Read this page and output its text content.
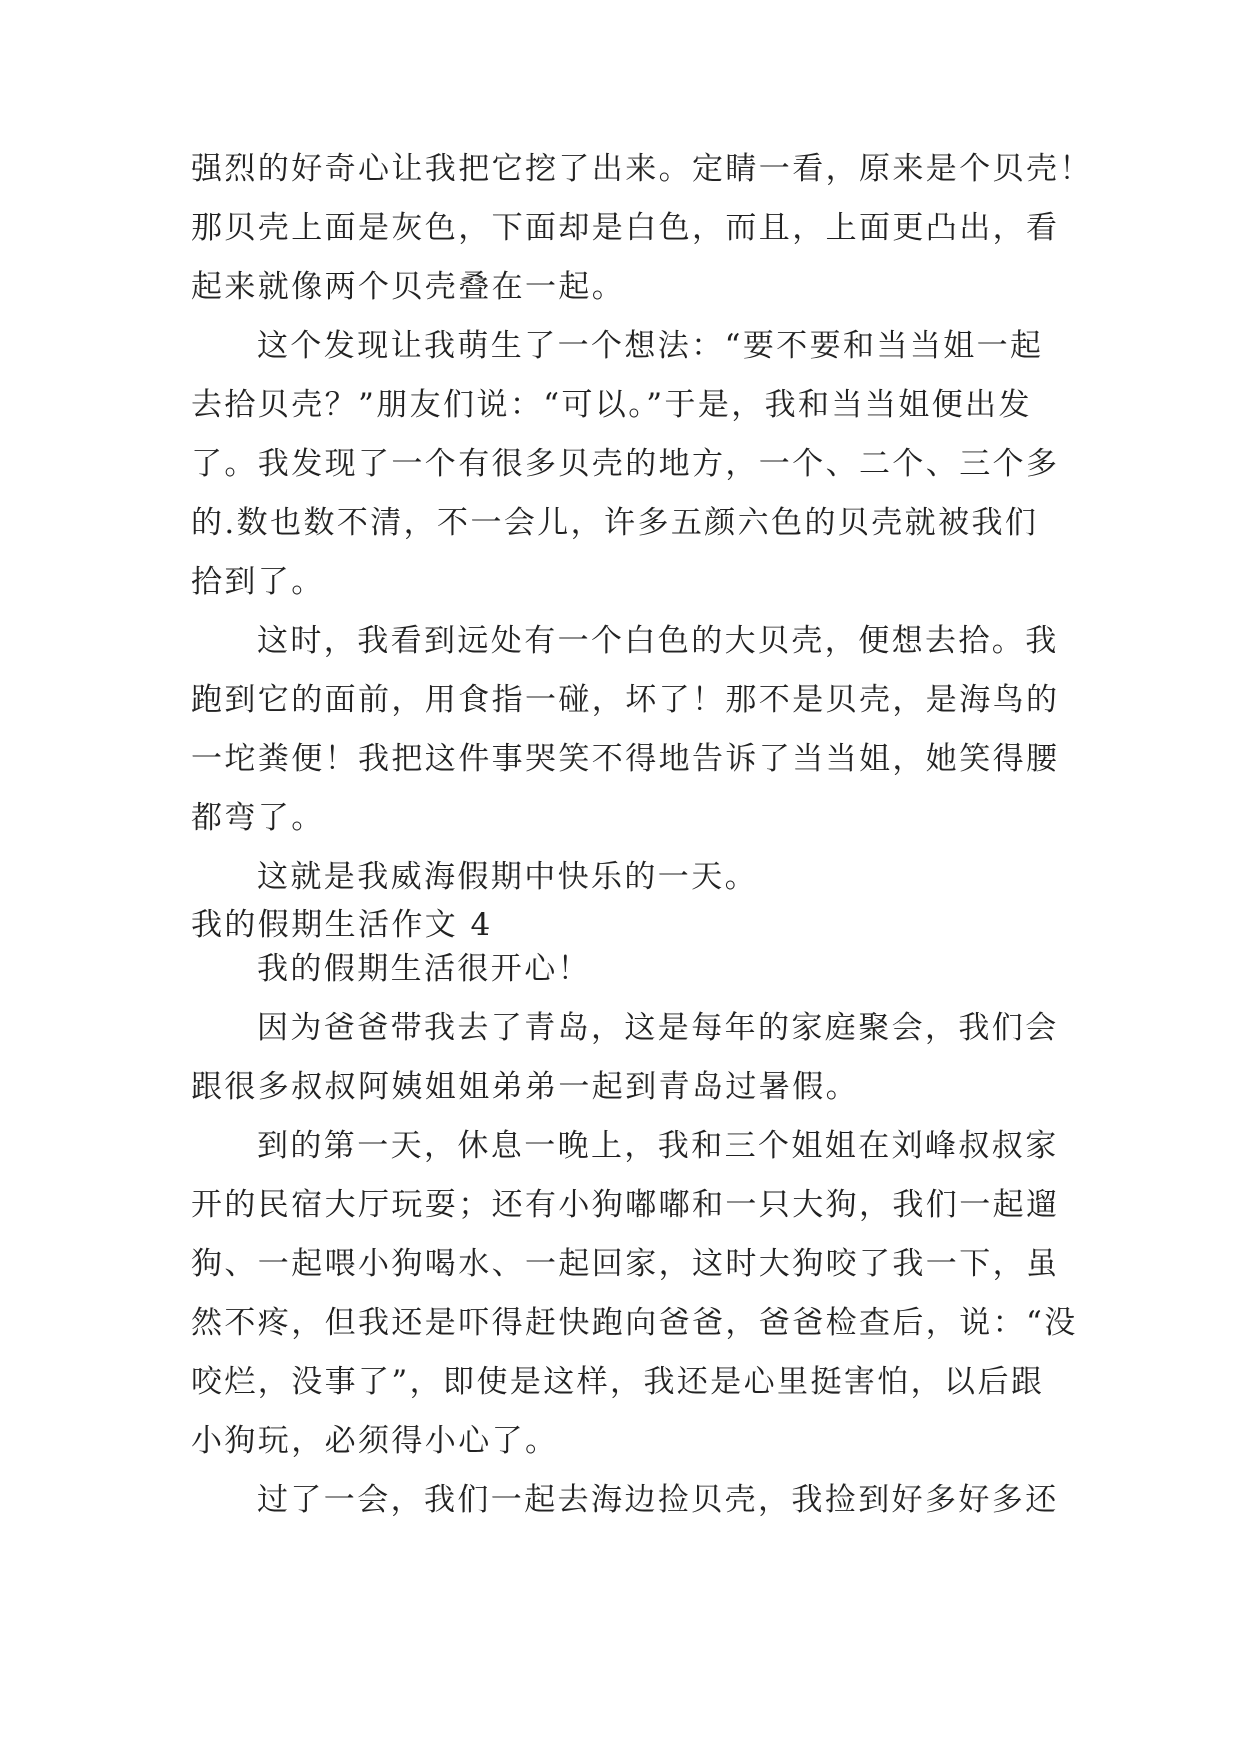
强烈的好奇心让我把它挖了出来。定睛一看，原来是个贝壳！
那贝壳上面是灰色，下面却是白色，而且，上面更凸出，看
起来就像两个贝壳叠在一起。
这个发现让我萌生了一个想法：“要不要和当当姐一起
去拾贝壳？”朋友们说：“可以。”于是，我和当当姐便出发
了。我发现了一个有很多贝壳的地方，一个、二个、三个多
的.数也数不清，不一会儿，许多五颜六色的贝壳就被我们
拾到了。
这时，我看到远处有一个白色的大贝壳，便想去拾。我
跑到它的面前，用食指一碰，坏了！那不是贝壳，是海鸟的
一坨粪便！我把这件事哭笑不得地告诉了当当姐，她笑得腰
都弯了。
这就是我威海假期中快乐的一天。
我的假期生活作文 4
我的假期生活很开心！
因为爸爸带我去了青岛，这是每年的家庭聚会，我们会
跟很多叔叔阿姨姐姐弟弟一起到青岛过暑假。
到的第一天，休息一晚上，我和三个姐姐在刘峰叔叔家
开的民宿大厅玩耍；还有小狗嘟嘟和一只大狗，我们一起遛
狗、一起喂小狗喝水、一起回家，这时大狗咬了我一下，虽
然不疼，但我还是吓得赶快跑向爸爸，爸爸检查后，说：“没
咬烂，没事了”，即使是这样，我还是心里挺害怕，以后跟
小狗玩，必须得小心了。
过了一会，我们一起去海边捡贝壳，我捡到好多好多还
